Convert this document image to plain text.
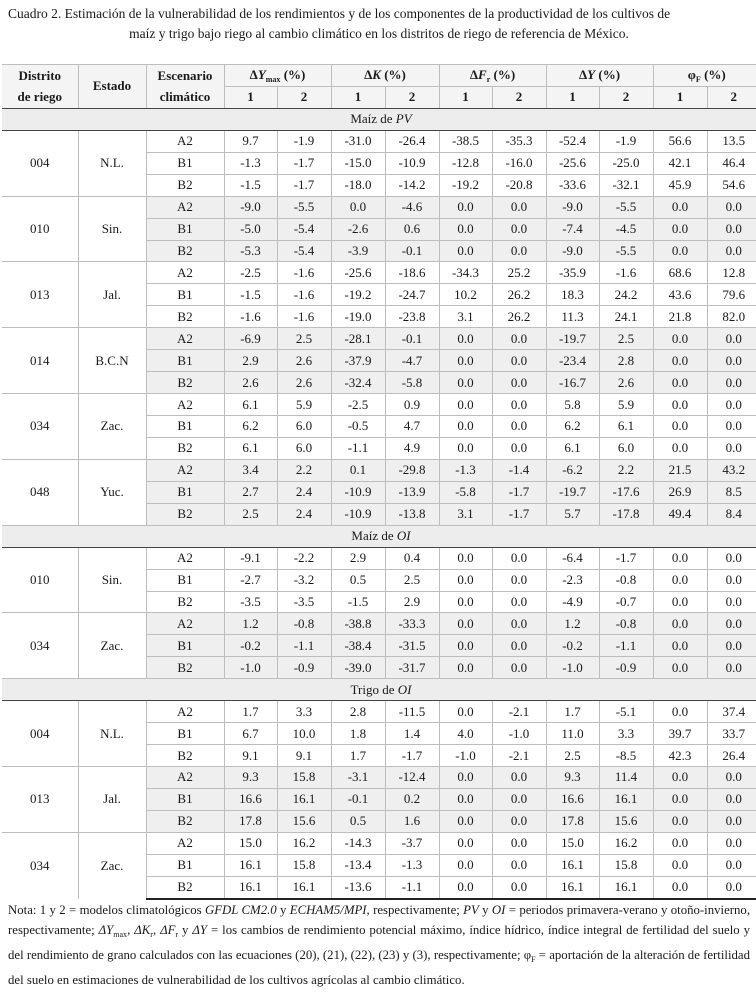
Cuadro 2. Estimación de la vulnerabilidad de los rendimientos y de los componentes de la productividad de los cultivos de
maíz y trigo bajo riego al cambio climático en los distritos de riego de referencia de México.
Distrito
de riego	Estado	Escenario
climático	$\Delta Y_{max}$ (%)		ΔK (%)		$\Delta F_r$ (%)		ΔY (%)		$\varphi_F$ (%)	
			1	2	1	2	1	2	1	2	1	2
Maíz de PV												
004	N.L.	A2	9.7	-1.9	-31.0	-26.4	-38.5	-35.3	-52.4	-1.9	56.6	13.5
		B1	-1.3	-1.7	-15.0	-10.9	-12.8	-16.0	-25.6	-25.0	42.1	46.4
		B2	-1.5	-1.7	-18.0	-14.2	-19.2	-20.8	-33.6	-32.1	45.9	54.6
010	Sin.	A2	-9.0	-5.5	0.0	-4.6	0.0	0.0	-9.0	-5.5	0.0	0.0
		B1	-5.0	-5.4	-2.6	0.6	0.0	0.0	-7.4	-4.5	0.0	0.0
		B2	-5.3	-5.4	-3.9	-0.1	0.0	0.0	-9.0	-5.5	0.0	0.0
013	Jal.	A2	-2.5	-1.6	-25.6	-18.6	-34.3	25.2	-35.9	-1.6	68.6	12.8
		B1	-1.5	-1.6	-19.2	-24.7	10.2	26.2	18.3	24.2	43.6	79.6
		B2	-1.6	-1.6	-19.0	-23.8	3.1	26.2	11.3	24.1	21.8	82.0
014	B.C.N	A2	-6.9	2.5	-28.1	-0.1	0.0	0.0	-19.7	2.5	0.0	0.0
		B1	2.9	2.6	-37.9	-4.7	0.0	0.0	-23.4	2.8	0.0	0.0
		B2	2.6	2.6	-32.4	-5.8	0.0	0.0	-16.7	2.6	0.0	0.0
034	Zac.	A2	6.1	5.9	-2.5	0.9	0.0	0.0	5.8	5.9	0.0	0.0
		B1	6.2	6.0	-0.5	4.7	0.0	0.0	6.2	6.1	0.0	0.0
		B2	6.1	6.0	-1.1	4.9	0.0	0.0	6.1	6.0	0.0	0.0
048	Yuc.	A2	3.4	2.2	0.1	-29.8	-1.3	-1.4	-6.2	2.2	21.5	43.2
		B1	2.7	2.4	-10.9	-13.9	-5.8	-1.7	-19.7	-17.6	26.9	8.5
		B2	2.5	2.4	-10.9	-13.8	3.1	-1.7	5.7	-17.8	49.4	8.4
Maíz de OI												
010	Sin.	A2	-9.1	-2.2	2.9	0.4	0.0	0.0	-6.4	-1.7	0.0	0.0
		B1	-2.7	-3.2	0.5	2.5	0.0	0.0	-2.3	-0.8	0.0	0.0
		B2	-3.5	-3.5	-1.5	2.9	0.0	0.0	-4.9	-0.7	0.0	0.0
034	Zac.	A2	1.2	-0.8	-38.8	-33.3	0.0	0.0	1.2	-0.8	0.0	0.0
		B1	-0.2	-1.1	-38.4	-31.5	0.0	0.0	-0.2	-1.1	0.0	0.0
		B2	-1.0	-0.9	-39.0	-31.7	0.0	0.0	-1.0	-0.9	0.0	0.0
Trigo de OI												
004	N.L.	A2	1.7	3.3	2.8	-11.5	0.0	-2.1	1.7	-5.1	0.0	37.4
		B1	6.7	10.0	1.8	1.4	4.0	-1.0	11.0	3.3	39.7	33.7
		B2	9.1	9.1	1.7	-1.7	-1.0	-2.1	2.5	-8.5	42.3	26.4
013	Jal.	A2	9.3	15.8	-3.1	-12.4	0.0	0.0	9.3	11.4	0.0	0.0
		B1	16.6	16.1	-0.1	0.2	0.0	0.0	16.6	16.1	0.0	0.0
		B2	17.8	15.6	0.5	1.6	0.0	0.0	17.8	15.6	0.0	0.0
034	Zac.	A2	15.0	16.2	-14.3	-3.7	0.0	0.0	15.0	16.2	0.0	0.0
		B1	16.1	15.8	-13.4	-1.3	0.0	0.0	16.1	15.8	0.0	0.0
		B2	16.1	16.1	-13.6	-1.1	0.0	0.0	16.1	16.1	0.0	0.0
Nota: 1 y 2 = modelos climatológicos GFDL CM2.0 y ECHAM5/MPI, respectivamente; PV y OI = periodos primavera-verano y otoño-invierno, respectivamente; $\Delta Y_{max}$, $\Delta K_r$, $\Delta F_r$ y ΔY = los cambios de rendimiento potencial máximo, índice hídrico, índice integral de fertilidad del suelo y del rendimiento de grano calculados con las ecuaciones (20), (21), (22), (23) y (3), respectivamente; $\varphi_F$ = aportación de la alteración de fertilidad del suelo en estimaciones de vulnerabilidad de los cultivos agrícolas al cambio climático.
